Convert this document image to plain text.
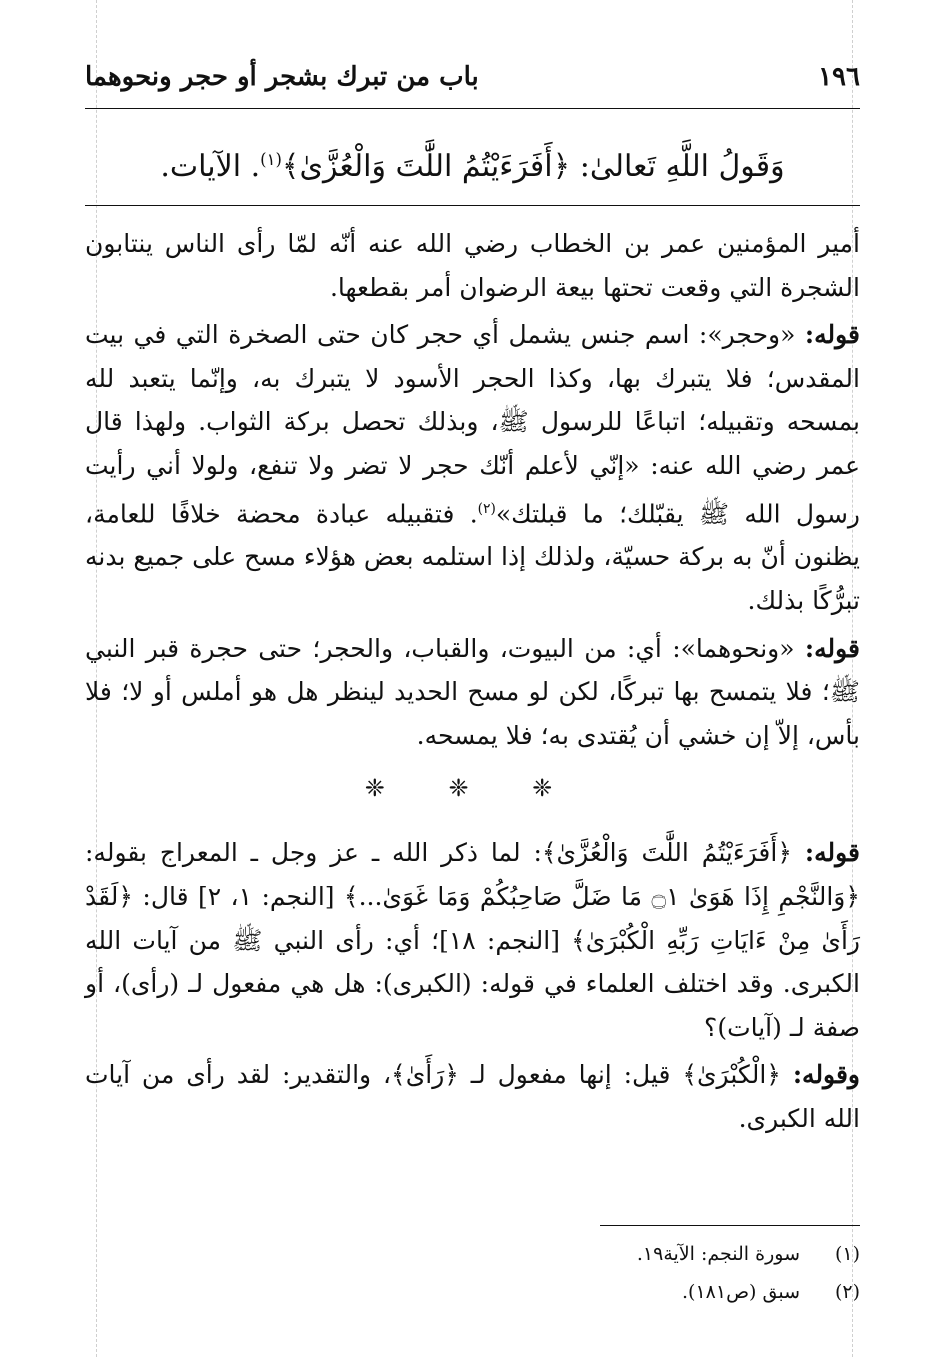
١٩٦
باب من تبرك بشجر أو حجر ونحوهما
وَقَولُ اللَّهِ تَعالىٰ: ﴿أَفَرَءَيْتُمُ اللَّٰتَ وَالْعُزَّىٰ﴾$^{(١)}$. الآيات.

أمير المؤمنين عمر بن الخطاب رضي الله عنه أنّه لمّا رأى الناس ينتابون الشجرة التي وقعت تحتها بيعة الرضوان أمر بقطعها.

قوله: «وحجر»: اسم جنس يشمل أي حجر كان حتى الصخرة التي في بيت المقدس؛ فلا يتبرك بها، وكذا الحجر الأسود لا يتبرك به، وإنّما يتعبد لله بمسحه وتقبيله؛ اتباعًا للرسول ﷺ، وبذلك تحصل بركة الثواب. ولهذا قال عمر رضي الله عنه: «إنّي لأعلم أنّك حجر لا تضر ولا تنفع، ولولا أني رأيت رسول الله ﷺ يقبّلك؛ ما قبلتك»$^{(٢)}$. فتقبيله عبادة محضة خلافًا للعامة، يظنون أنّ به بركة حسيّة، ولذلك إذا استلمه بعض هؤلاء مسح على جميع بدنه تبرُّكًا بذلك.

قوله: «ونحوهما»: أي: من البيوت، والقباب، والحجر؛ حتى حجرة قبر النبي ﷺ؛ فلا يتمسح بها تبركًا، لكن لو مسح الحديد لينظر هل هو أملس أو لا؛ فلا بأس، إلاّ إن خشي أن يُقتدى به؛ فلا يمسحه.

❈ ❈ ❈

قوله: ﴿أَفَرَءَيْتُمُ اللَّٰتَ وَالْعُزَّىٰ﴾: لما ذكر الله ـ عز وجل ـ المعراج بقوله: ﴿وَالنَّجْمِ إِذَا هَوَىٰ ۝١ مَا ضَلَّ صَاحِبُكُمْ وَمَا غَوَىٰ...﴾ [النجم: ١، ٢] قال: ﴿لَقَدْ رَأَىٰ مِنْ ءَايَاتِ رَبِّهِ الْكُبْرَىٰ﴾ [النجم: ١٨]؛ أي: رأى النبي ﷺ من آيات الله الكبرى. وقد اختلف العلماء في قوله: (الكبرى): هل هي مفعول لـ (رأى)، أو صفة لـ (آيات)؟

وقوله: ﴿الْكُبْرَىٰ﴾ قيل: إنها مفعول لـ ﴿رَأَىٰ﴾، والتقدير: لقد رأى من آيات الله الكبرى.

(١)
سورة النجم: الآية١٩.
(٢)
سبق (ص١٨١).
